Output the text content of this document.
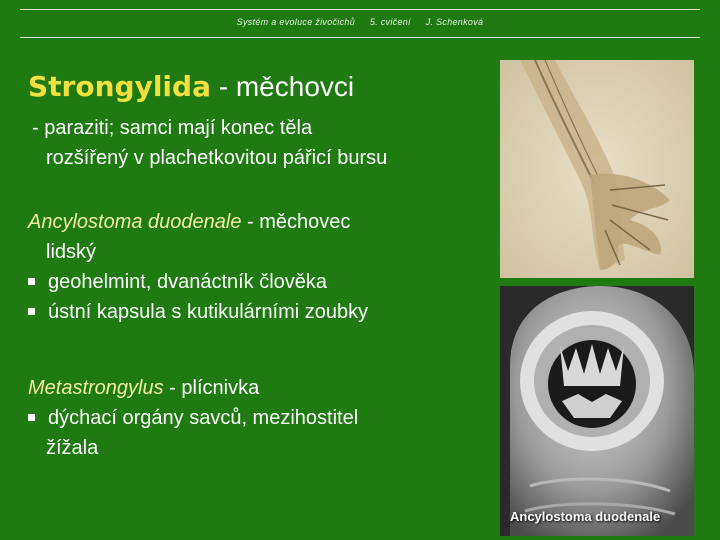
Systém a evoluce živočichů 5. cvičení J. Schenková
Strongylida - měchovci
- paraziti; samci mají konec těla
rozšířený v plachetkovitou pářicí bursu
Ancylostoma duodenale - měchovec
lidský
geohelmint, dvanáctník člověka
ústní kapsula s kutikulárními zoubky
Metastrongylus - plícnivka
dýchací orgány savců, mezihostitel
žížala
Ancylostoma duodenale
